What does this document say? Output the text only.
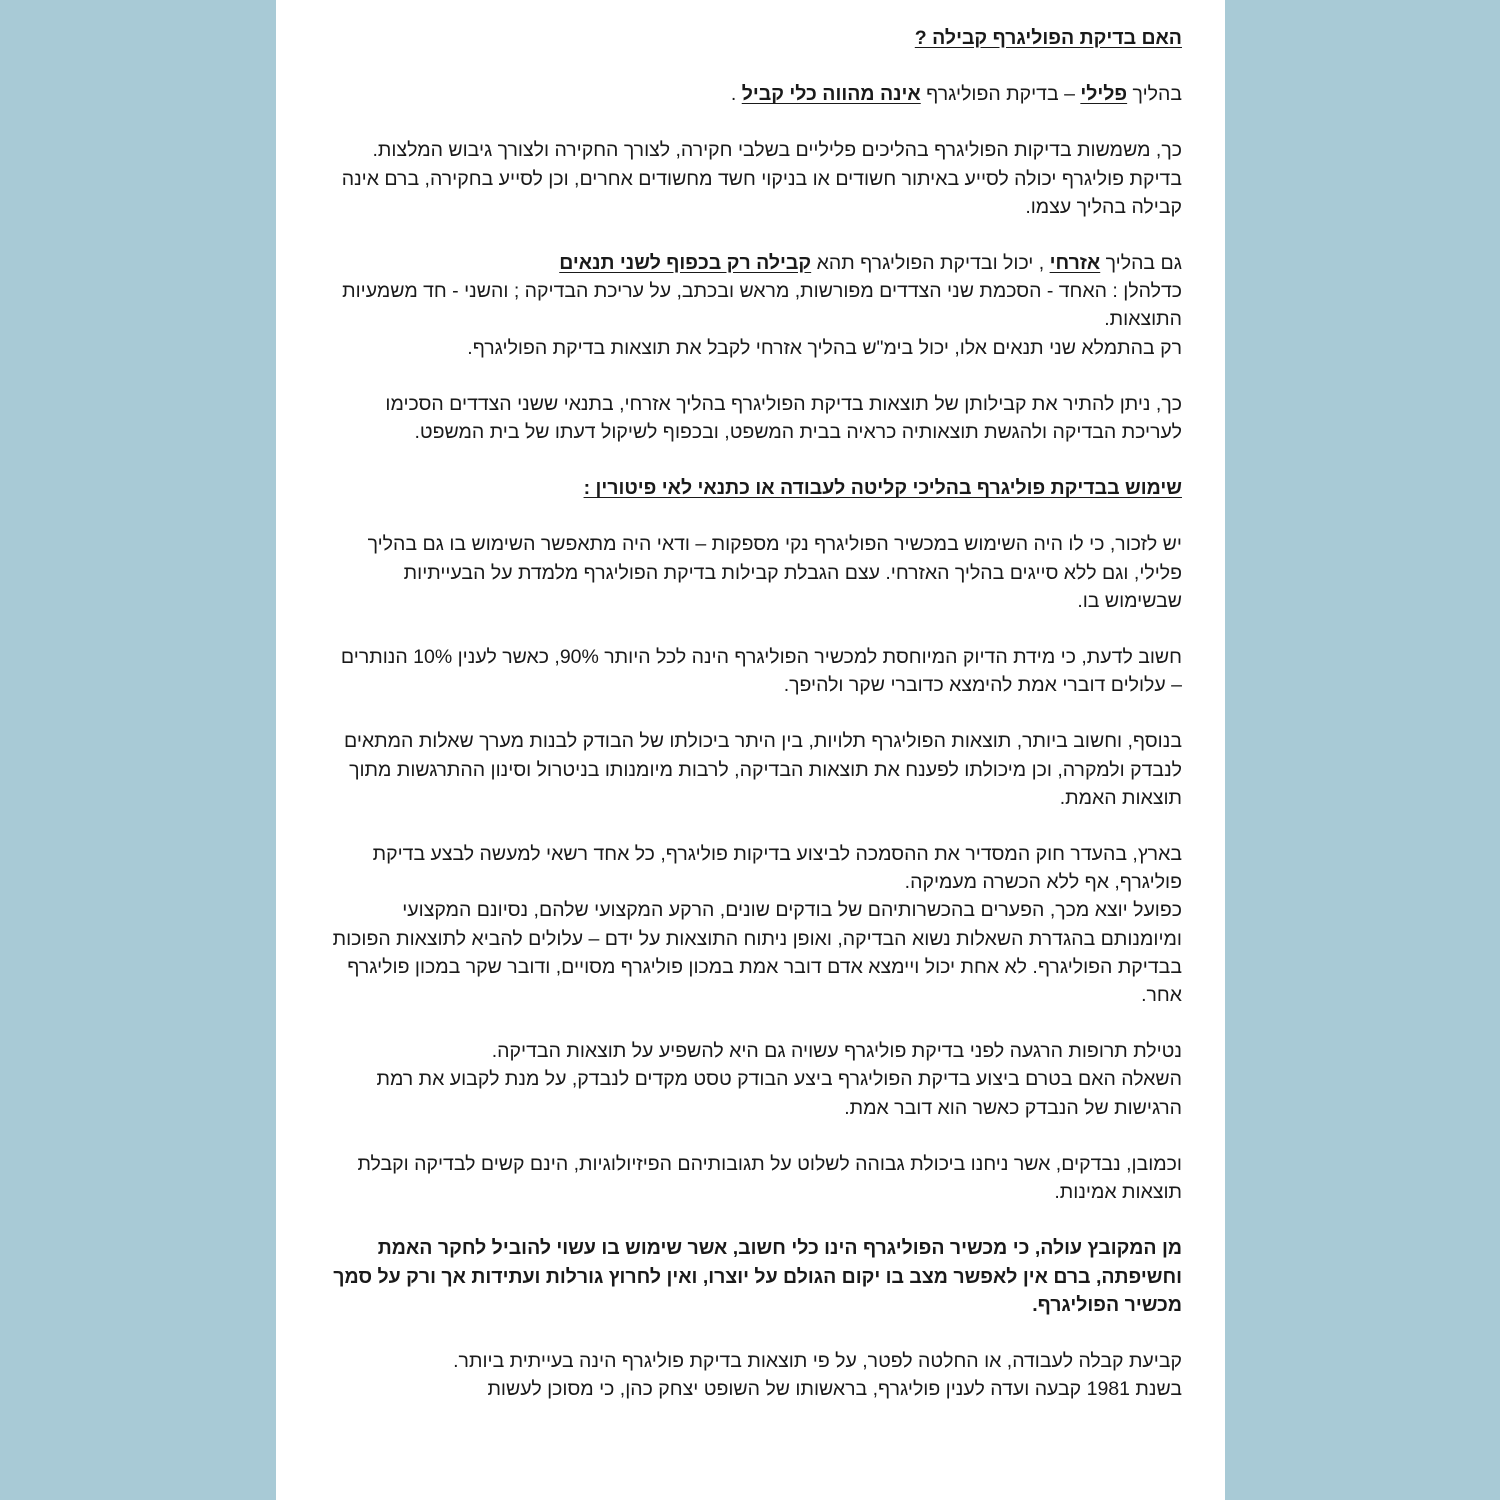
האם בדיקת הפוליגרף קבילה ?

בהליך פלילי – בדיקת הפוליגרף אינה מהווה כלי קביל .

כך, משמשות בדיקות הפוליגרף בהליכים פליליים בשלבי חקירה, לצורך החקירה ולצורך גיבוש המלצות. בדיקת פוליגרף יכולה לסייע באיתור חשודים או בניקוי חשד מחשודים אחרים, וכן לסייע בחקירה, ברם אינה קבילה בהליך עצמו.

גם בהליך אזרחי , יכול ובדיקת הפוליגרף תהא קבילה רק בכפוף לשני תנאים

כדלהלן : האחד - הסכמת שני הצדדים מפורשות, מראש ובכתב, על עריכת הבדיקה ; והשני - חד משמעיות התוצאות.

רק בהתמלא שני תנאים אלו, יכול בימ"ש בהליך אזרחי לקבל את תוצאות בדיקת הפוליגרף.

כך, ניתן להתיר את קבילותן של תוצאות בדיקת הפוליגרף בהליך אזרחי, בתנאי ששני הצדדים הסכימו לעריכת הבדיקה ולהגשת תוצאותיה כראיה בבית המשפט, ובכפוף לשיקול דעתו של בית המשפט.

שימוש בבדיקת פוליגרף בהליכי קליטה לעבודה או כתנאי לאי פיטורין :

יש לזכור, כי לו היה השימוש במכשיר הפוליגרף נקי מספקות – ודאי היה מתאפשר השימוש בו גם בהליך פלילי, וגם ללא סייגים בהליך האזרחי. עצם הגבלת קבילות בדיקת הפוליגרף מלמדת על הבעייתיות שבשימוש בו.

חשוב לדעת, כי מידת הדיוק המיוחסת למכשיר הפוליגרף הינה לכל היותר 90%, כאשר לענין 10% הנותרים – עלולים דוברי אמת להימצא כדוברי שקר ולהיפך.

בנוסף, וחשוב ביותר, תוצאות הפוליגרף תלויות, בין היתר ביכולתו של הבודק לבנות מערך שאלות המתאים לנבדק ולמקרה, וכן מיכולתו לפענח את תוצאות הבדיקה, לרבות מיומנותו בניטרול וסינון ההתרגשות מתוך תוצאות האמת.

בארץ, בהעדר חוק המסדיר את ההסמכה לביצוע בדיקות פוליגרף, כל אחד רשאי למעשה לבצע בדיקת פוליגרף, אף ללא הכשרה מעמיקה.

כפועל יוצא מכך, הפערים בהכשרותיהם של בודקים שונים, הרקע המקצועי שלהם, נסיונם המקצועי ומיומנותם בהגדרת השאלות נשוא הבדיקה, ואופן ניתוח התוצאות על ידם – עלולים להביא לתוצאות הפוכות בבדיקת הפוליגרף. לא אחת יכול ויימצא אדם דובר אמת במכון פוליגרף מסויים, ודובר שקר במכון פוליגרף אחר.

נטילת תרופות הרגעה לפני בדיקת פוליגרף עשויה גם היא להשפיע על תוצאות הבדיקה.

השאלה האם בטרם ביצוע בדיקת הפוליגרף ביצע הבודק טסט מקדים לנבדק, על מנת לקבוע את רמת הרגישות של הנבדק כאשר הוא דובר אמת.

וכמובן, נבדקים, אשר ניחנו ביכולת גבוהה לשלוט על תגובותיהם הפיזיולוגיות, הינם קשים לבדיקה וקבלת תוצאות אמינות.

מן המקובץ עולה, כי מכשיר הפוליגרף הינו כלי חשוב, אשר שימוש בו עשוי להוביל לחקר האמת וחשיפתה, ברם אין לאפשר מצב בו יקום הגולם על יוצרו, ואין לחרוץ גורלות ועתידות אך ורק על סמך מכשיר הפוליגרף.

קביעת קבלה לעבודה, או החלטה לפטר, על פי תוצאות בדיקת פוליגרף הינה בעייתית ביותר.

בשנת 1981 קבעה ועדה לענין פוליגרף, בראשותו של השופט יצחק כהן, כי מסוכן לעשות
